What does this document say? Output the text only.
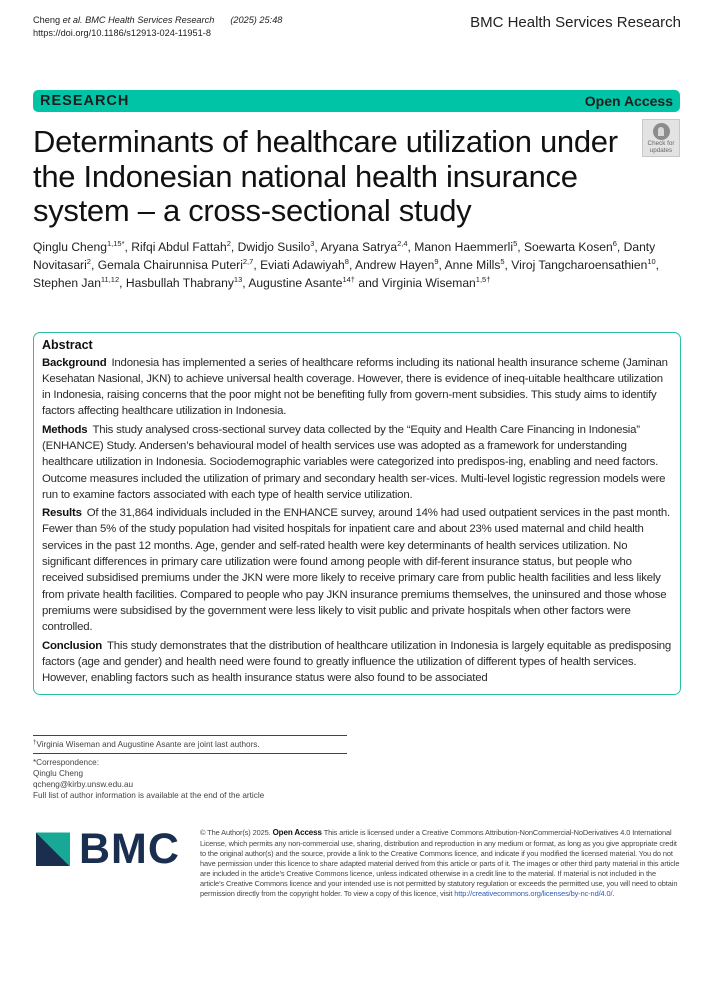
Cheng et al. BMC Health Services Research (2025) 25:48
https://doi.org/10.1186/s12913-024-11951-8
BMC Health Services Research
RESEARCH	Open Access
Check for
updates
Determinants of healthcare utilization under the Indonesian national health insurance system – a cross-sectional study
Qinglu Cheng$^{1,15*}$, Rifqi Abdul Fattah$^2$, Dwidjo Susilo$^3$, Aryana Satrya$^{2,4}$, Manon Haemmerli$^5$, Soewarta Kosen$^6$, Danty Novitasari$^2$, Gemala Chairunnisa Puteri$^{2,7}$, Eviati Adawiyah$^8$, Andrew Hayen$^9$, Anne Mills$^5$, Viroj Tangcharoensathien$^{10}$, Stephen Jan$^{11,12}$, Hasbullah Thabrany$^{13}$, Augustine Asante$^{14\dagger}$ and Virginia Wiseman$^{1,5\dagger}$
Abstract

Background Indonesia has implemented a series of healthcare reforms including its national health insurance scheme (Jaminan Kesehatan Nasional, JKN) to achieve universal health coverage. However, there is evidence of ineq-uitable healthcare utilization in Indonesia, raising concerns that the poor might not be benefiting fully from govern-ment subsidies. This study aims to identify factors affecting healthcare utilization in Indonesia.

Methods This study analysed cross-sectional survey data collected by the “Equity and Health Care Financing in Indonesia” (ENHANCE) Study. Andersen’s behavioural model of health services use was adopted as a framework for understanding healthcare utilization in Indonesia. Sociodemographic variables were categorized into predispos-ing, enabling and need factors. Outcome measures included the utilization of primary and secondary health ser-vices. Multi-level logistic regression models were run to examine factors associated with each type of health service utilization.

Results Of the 31,864 individuals included in the ENHANCE survey, around 14% had used outpatient services in the past month. Fewer than 5% of the study population had visited hospitals for inpatient care and about 23% used maternal and child health services in the past 12 months. Age, gender and self-rated health were key determinants of health services utilization. No significant differences in primary care utilization were found among people with dif-ferent insurance status, but people who received subsidised premiums under the JKN were more likely to receive primary care from public health facilities and less likely from private health facilities. Compared to people who pay JKN insurance premiums themselves, the uninsured and those whose premiums were subsidised by the government were less likely to visit public and private hospitals when other factors were controlled.

Conclusion This study demonstrates that the distribution of healthcare utilization in Indonesia is largely equitable as predisposing factors (age and gender) and health need were found to greatly influence the utilization of different types of health services. However, enabling factors such as health insurance status were also found to be associated

†Virginia Wiseman and Augustine Asante are joint last authors.
*Correspondence:
Qinglu Cheng
qcheng@kirby.unsw.edu.au
Full list of author information is available at the end of the article
BMC	© The Author(s) 2025. Open Access This article is licensed under a Creative Commons Attribution-NonCommercial-NoDerivatives 4.0 International License, which permits any non-commercial use, sharing, distribution and reproduction in any medium or format, as long as you give appropriate credit to the original author(s) and the source, provide a link to the Creative Commons licence, and indicate if you modified the licensed material. You do not have permission under this licence to share adapted material derived from this article or parts of it. The images or other third party material in this article are included in the article’s Creative Commons licence, unless indicated otherwise in a credit line to the material. If material is not included in the article’s Creative Commons licence and your intended use is not permitted by statutory regulation or exceeds the permitted use, you will need to obtain permission directly from the copyright holder. To view a copy of this licence, visit http://creativecommons.org/licenses/by-nc-nd/4.0/.
